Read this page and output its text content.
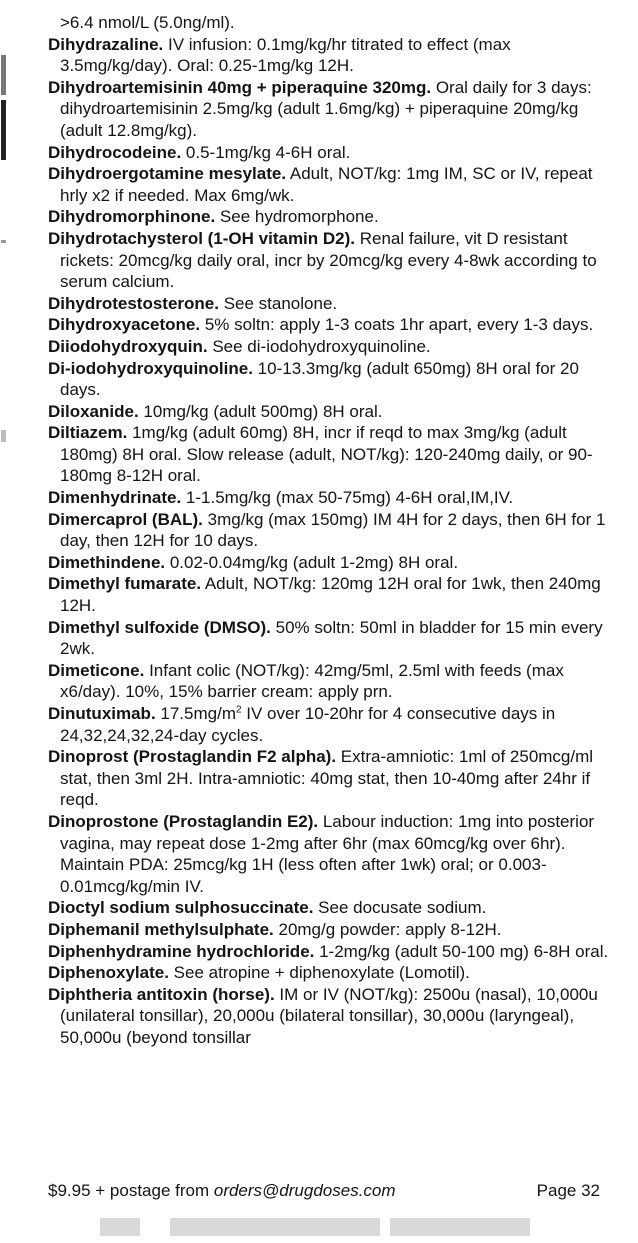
>6.4 nmol/L (5.0ng/ml).

Dihydrazaline. IV infusion: 0.1mg/kg/hr titrated to effect (max 3.5mg/kg/day). Oral: 0.25-1mg/kg 12H.

Dihydroartemisinin 40mg + piperaquine 320mg. Oral daily for 3 days: dihydroartemisinin 2.5mg/kg (adult 1.6mg/kg) + piperaquine 20mg/kg (adult 12.8mg/kg).

Dihydrocodeine. 0.5-1mg/kg 4-6H oral.

Dihydroergotamine mesylate. Adult, NOT/kg: 1mg IM, SC or IV, repeat hrly x2 if needed. Max 6mg/wk.

Dihydromorphinone. See hydromorphone.

Dihydrotachysterol (1-OH vitamin D2). Renal failure, vit D resistant rickets: 20mcg/kg daily oral, incr by 20mcg/kg every 4-8wk according to serum calcium.

Dihydrotestosterone. See stanolone.

Dihydroxyacetone. 5% soltn: apply 1-3 coats 1hr apart, every 1-3 days.

Diiodohydroxyquin. See di-iodohydroxyquinoline.

Di-iodohydroxyquinoline. 10-13.3mg/kg (adult 650mg) 8H oral for 20 days.

Diloxanide. 10mg/kg (adult 500mg) 8H oral.

Diltiazem. 1mg/kg (adult 60mg) 8H, incr if reqd to max 3mg/kg (adult 180mg) 8H oral. Slow release (adult, NOT/kg): 120-240mg daily, or 90-180mg 8-12H oral.

Dimenhydrinate. 1-1.5mg/kg (max 50-75mg) 4-6H oral,IM,IV.

Dimercaprol (BAL). 3mg/kg (max 150mg) IM 4H for 2 days, then 6H for 1 day, then 12H for 10 days.

Dimethindene. 0.02-0.04mg/kg (adult 1-2mg) 8H oral.

Dimethyl fumarate. Adult, NOT/kg: 120mg 12H oral for 1wk, then 240mg 12H.

Dimethyl sulfoxide (DMSO). 50% soltn: 50ml in bladder for 15 min every 2wk.

Dimeticone. Infant colic (NOT/kg): 42mg/5ml, 2.5ml with feeds (max x6/day). 10%, 15% barrier cream: apply prn.

Dinutuximab. $17.5mg/m^2$ IV over 10-20hr for 4 consecutive days in 24,32,24,32,24-day cycles.

Dinoprost (Prostaglandin F2 alpha). Extra-amniotic: 1ml of 250mcg/ml stat, then 3ml 2H. Intra-amniotic: 40mg stat, then 10-40mg after 24hr if reqd.

Dinoprostone (Prostaglandin E2). Labour induction: 1mg into posterior vagina, may repeat dose 1-2mg after 6hr (max 60mcg/kg over 6hr). Maintain PDA: 25mcg/kg 1H (less often after 1wk) oral; or 0.003-0.01mcg/kg/min IV.

Dioctyl sodium sulphosuccinate. See docusate sodium.

Diphemanil methylsulphate. 20mg/g powder: apply 8-12H.

Diphenhydramine hydrochloride. 1-2mg/kg (adult 50-100 mg) 6-8H oral.

Diphenoxylate. See atropine + diphenoxylate (Lomotil).

Diphtheria antitoxin (horse). IM or IV (NOT/kg): 2500u (nasal), 10,000u (unilateral tonsillar), 20,000u (bilateral tonsillar), 30,000u (laryngeal), 50,000u (beyond tonsillar

$9.95 + postage from orders@drugdoses.com	Page 32
